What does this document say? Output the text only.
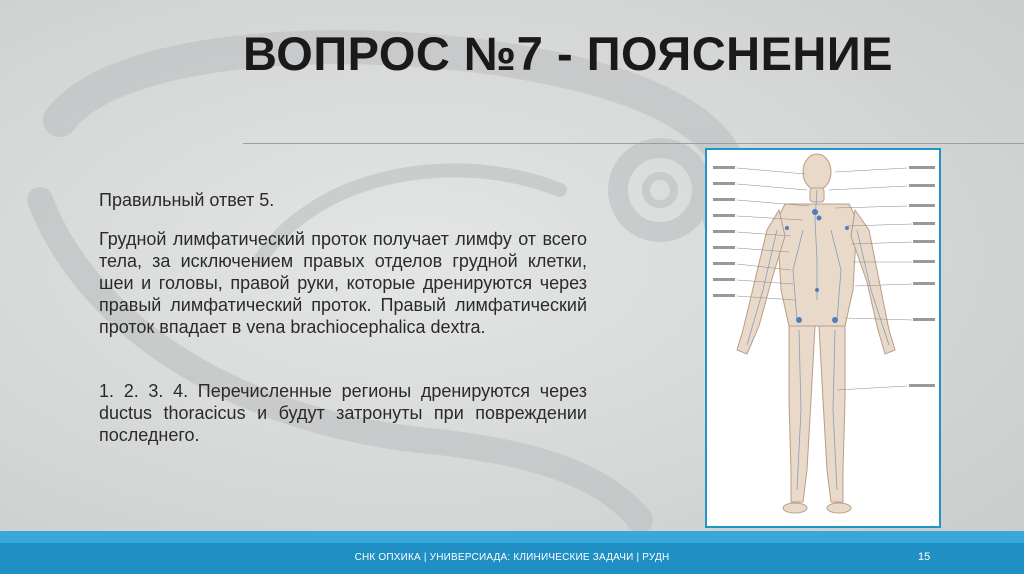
ВОПРОС №7 - ПОЯСНЕНИЕ
Правильный ответ 5.
Грудной лимфатический проток получает лимфу от всего тела, за исключением правых отделов грудной клетки, шеи и головы, правой руки, которые дренируются через правый лимфатический проток. Правый лимфатический проток впадает в vena brachiocephalica dextra.
1. 2. 3. 4. Перечисленные регионы дренируются через ductus thoracicus и будут затронуты при повреждении последнего.
СНК ОПХИКА | УНИВЕРСИАДА: КЛИНИЧЕСКИЕ ЗАДАЧИ | РУДН	15
